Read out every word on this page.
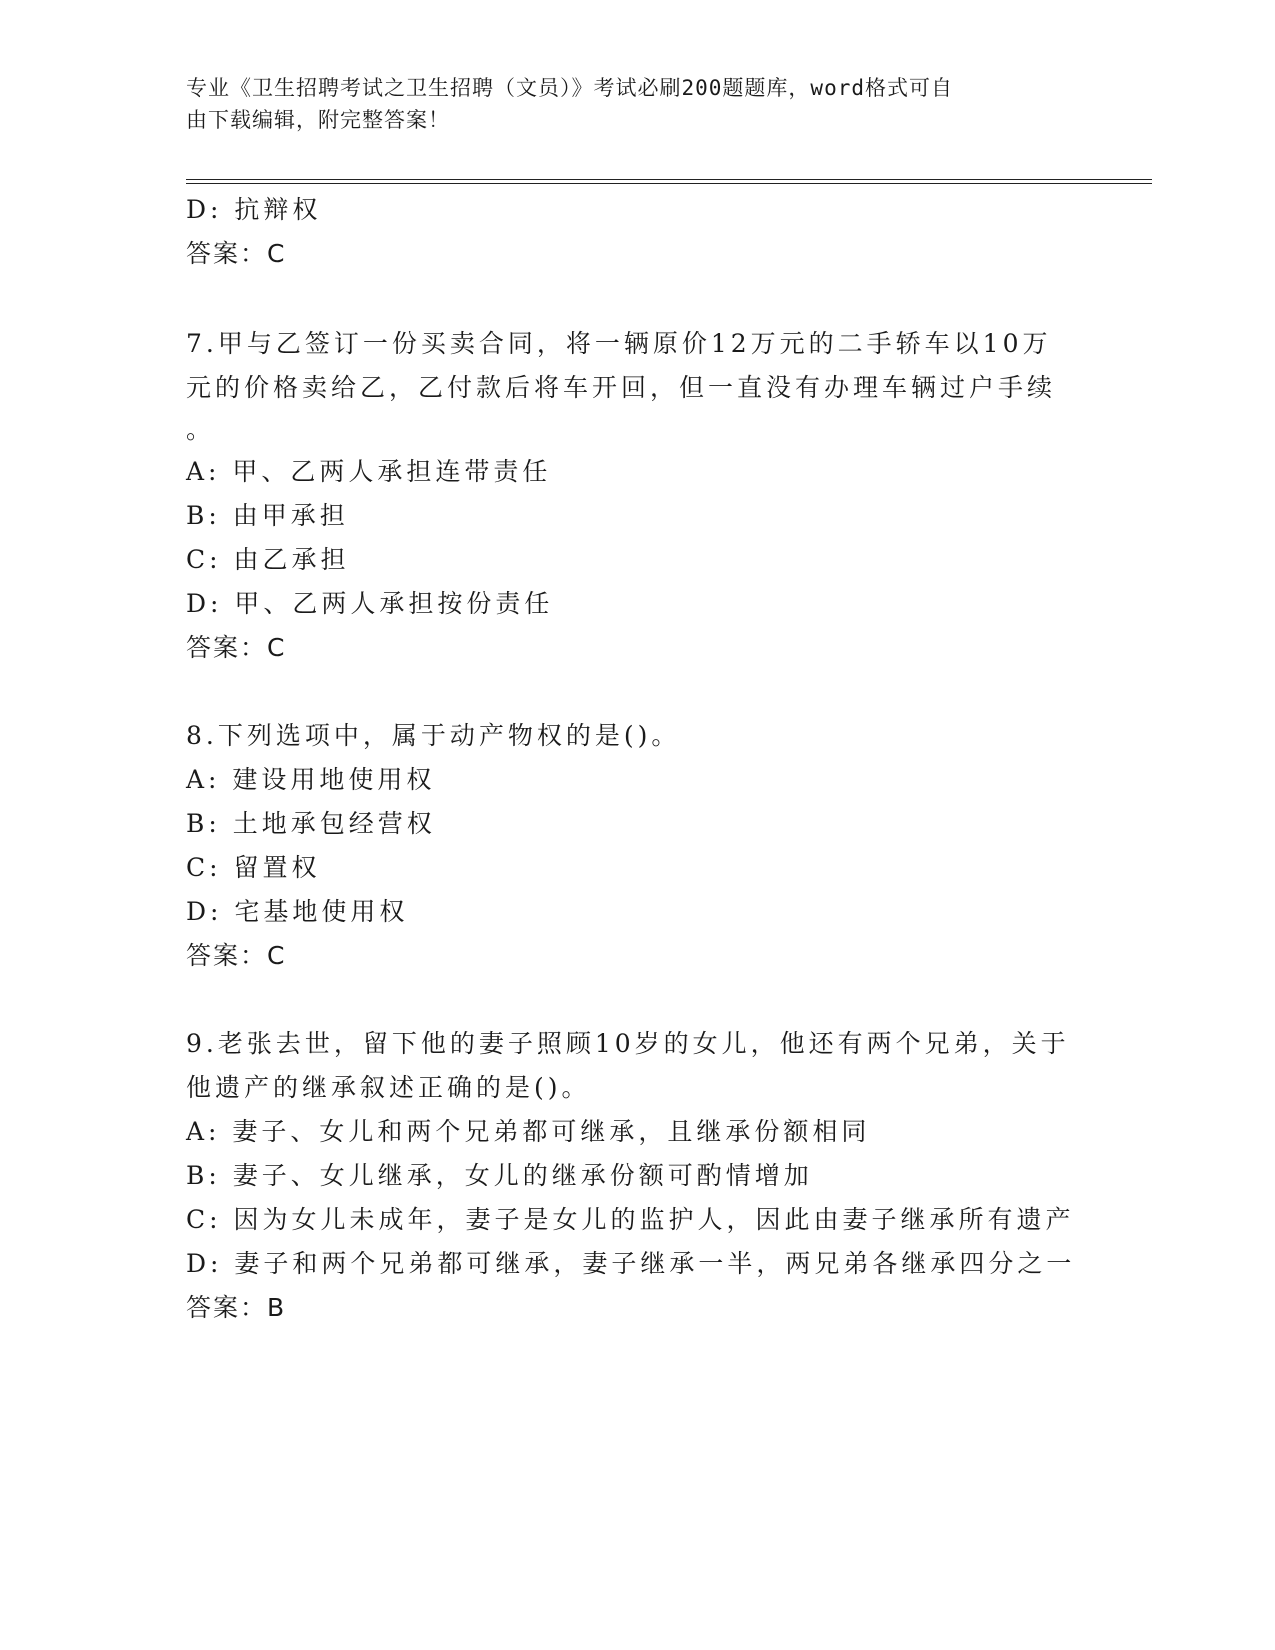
专业《卫生招聘考试之卫生招聘（文员）》考试必刷200题题库，word格式可自
由下载编辑，附完整答案！
D: 抗辩权
答案：C
7.甲与乙签订一份买卖合同，将一辆原价12万元的二手轿车以10万
元的价格卖给乙，乙付款后将车开回，但一直没有办理车辆过户手续
。
A: 甲、乙两人承担连带责任
B: 由甲承担
C: 由乙承担
D: 甲、乙两人承担按份责任
答案：C
8.下列选项中，属于动产物权的是()。
A: 建设用地使用权
B: 土地承包经营权
C: 留置权
D: 宅基地使用权
答案：C
9.老张去世，留下他的妻子照顾10岁的女儿，他还有两个兄弟，关于
他遗产的继承叙述正确的是()。
A: 妻子、女儿和两个兄弟都可继承，且继承份额相同
B: 妻子、女儿继承，女儿的继承份额可酌情增加
C: 因为女儿未成年，妻子是女儿的监护人，因此由妻子继承所有遗产
D: 妻子和两个兄弟都可继承，妻子继承一半，两兄弟各继承四分之一
答案：B
